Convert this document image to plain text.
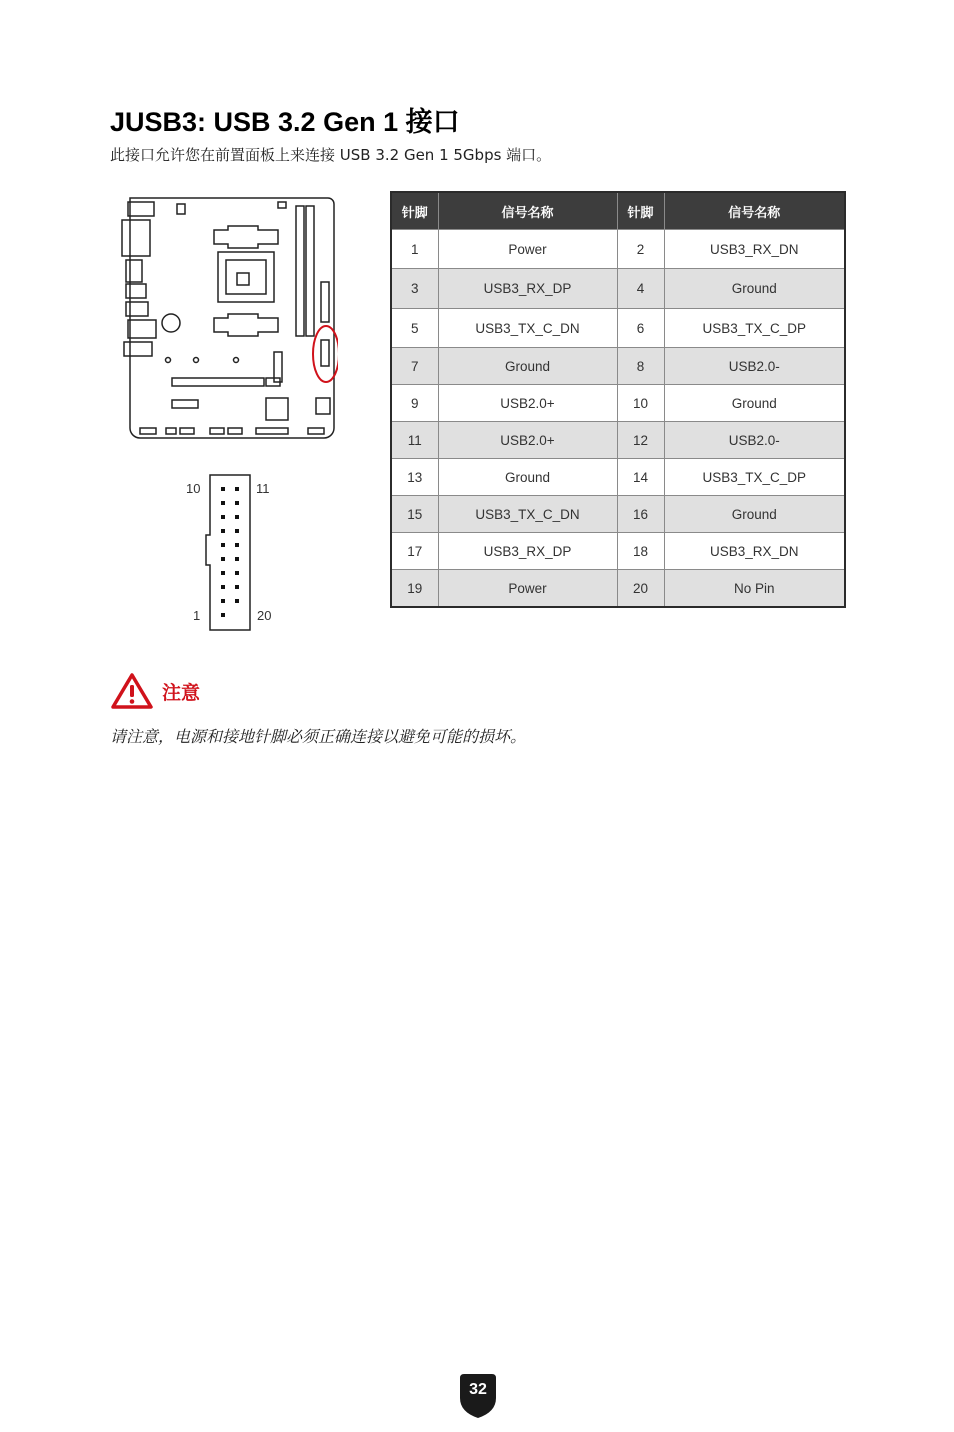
JUSB3: USB 3.2 Gen 1 接口
此接口允许您在前置面板上来连接 USB 3.2 Gen 1 5Gbps 端口。
10	11
1	20
针脚	信号名称	针脚	信号名称
1	Power	2	USB3_RX_DN
3	USB3_RX_DP	4	Ground
5	USB3_TX_C_DN	6	USB3_TX_C_DP
7	Ground	8	USB2.0-
9	USB2.0+	10	Ground
11	USB2.0+	12	USB2.0-
13	Ground	14	USB3_TX_C_DP
15	USB3_TX_C_DN	16	Ground
17	USB3_RX_DP	18	USB3_RX_DN
19	Power	20	No Pin
注意
请注意，电源和接地针脚必须正确连接以避免可能的损坏。
32
